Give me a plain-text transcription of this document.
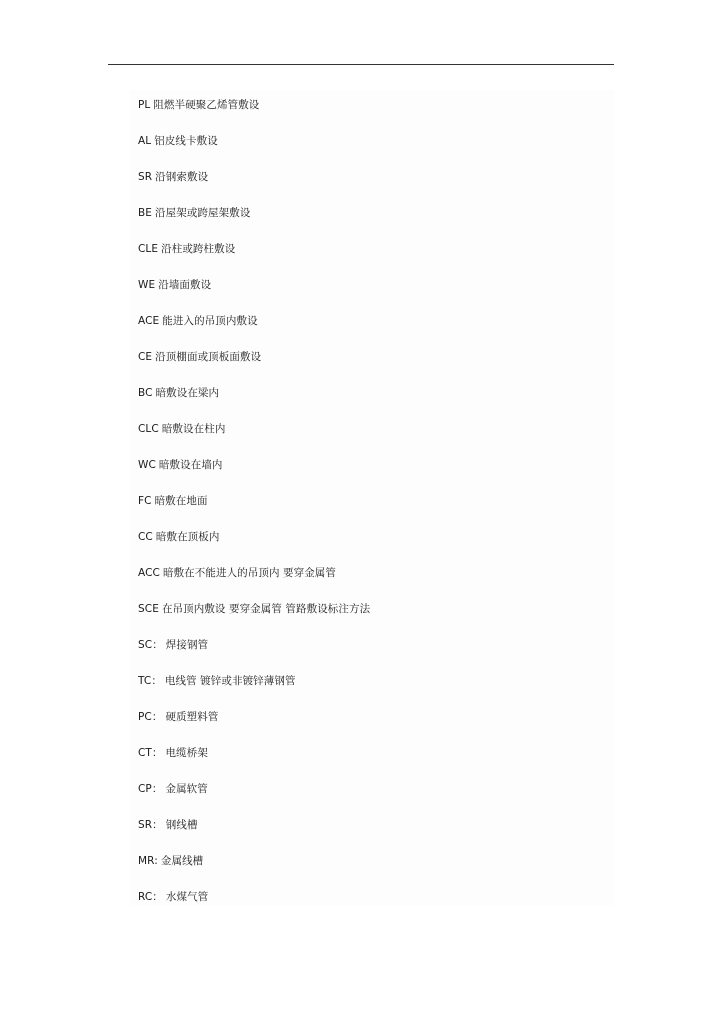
PL 阻燃半硬聚乙烯管敷设
AL 铝皮线卡敷设
SR 沿钢索敷设
BE 沿屋架或跨屋架敷设
CLE 沿柱或跨柱敷设
WE 沿墙面敷设
ACE 能进入的吊顶内敷设
CE 沿顶棚面或顶板面敷设
BC 暗敷设在梁内
CLC 暗敷设在柱内
WC 暗敷设在墙内
FC 暗敷在地面
CC 暗敷在顶板内
ACC 暗敷在不能进人的吊顶内 要穿金属管
SCE 在吊顶内敷设 要穿金属管 管路敷设标注方法
SC： 焊接钢管
TC： 电线管 镀锌或非镀锌薄钢管
PC： 硬质塑料管
CT： 电缆桥架
CP： 金属软管
SR： 钢线槽
MR: 金属线槽
RC： 水煤气管
